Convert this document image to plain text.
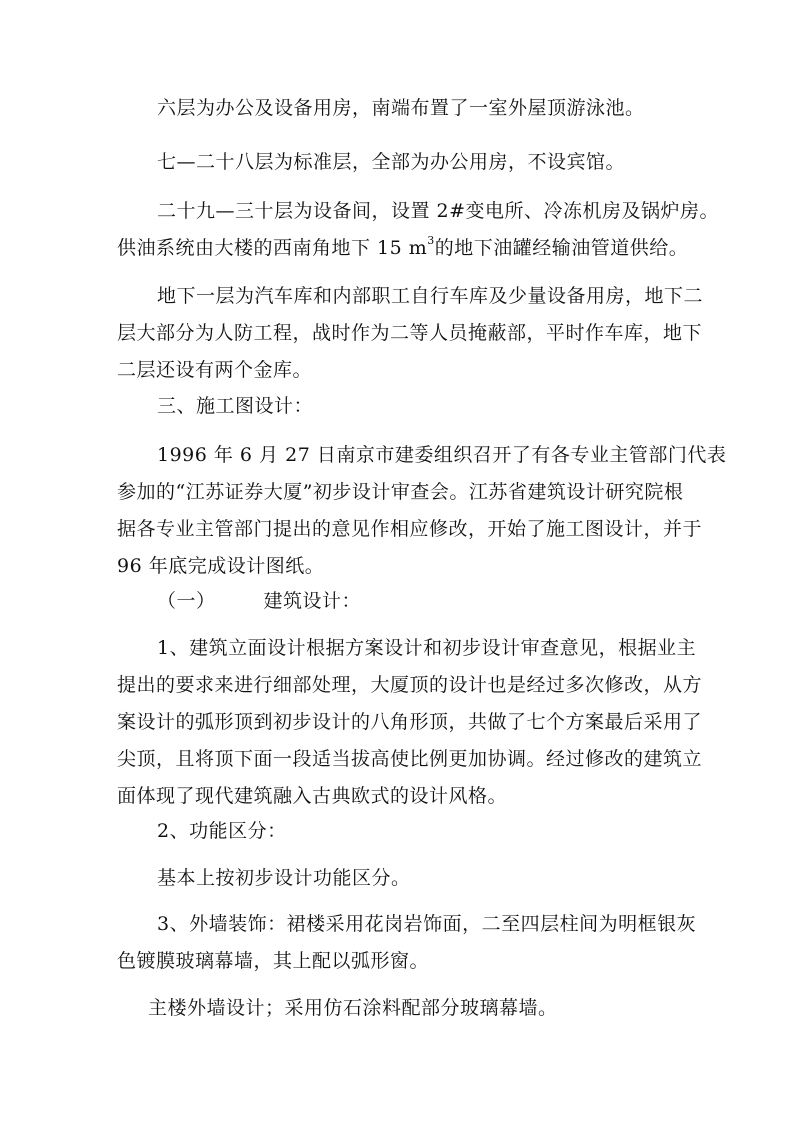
六层为办公及设备用房，南端布置了一室外屋顶游泳池。

七—二十八层为标准层，全部为办公用房，不设宾馆。

二十九—三十层为设备间，设置 2#变电所、冷冻机房及锅炉房。
供油系统由大楼的西南角地下 15 $m^3$的地下油罐经输油管道供给。

地下一层为汽车库和内部职工自行车库及少量设备用房，地下二
层大部分为人防工程，战时作为二等人员掩蔽部，平时作车库，地下
二层还设有两个金库。

三、施工图设计：

1996 年 6 月 27 日南京市建委组织召开了有各专业主管部门代表
参加的“江苏证券大厦”初步设计审查会。江苏省建筑设计研究院根
据各专业主管部门提出的意见作相应修改，开始了施工图设计，并于
96 年底完成设计图纸。

（一）	建筑设计：

1、建筑立面设计根据方案设计和初步设计审查意见，根据业主
提出的要求来进行细部处理，大厦顶的设计也是经过多次修改，从方
案设计的弧形顶到初步设计的八角形顶，共做了七个方案最后采用了
尖顶，且将顶下面一段适当拔高使比例更加协调。经过修改的建筑立
面体现了现代建筑融入古典欧式的设计风格。

2、功能区分：

基本上按初步设计功能区分。

3、外墙装饰：裙楼采用花岗岩饰面，二至四层柱间为明框银灰
色镀膜玻璃幕墙，其上配以弧形窗。

主楼外墙设计；采用仿石涂料配部分玻璃幕墙。
